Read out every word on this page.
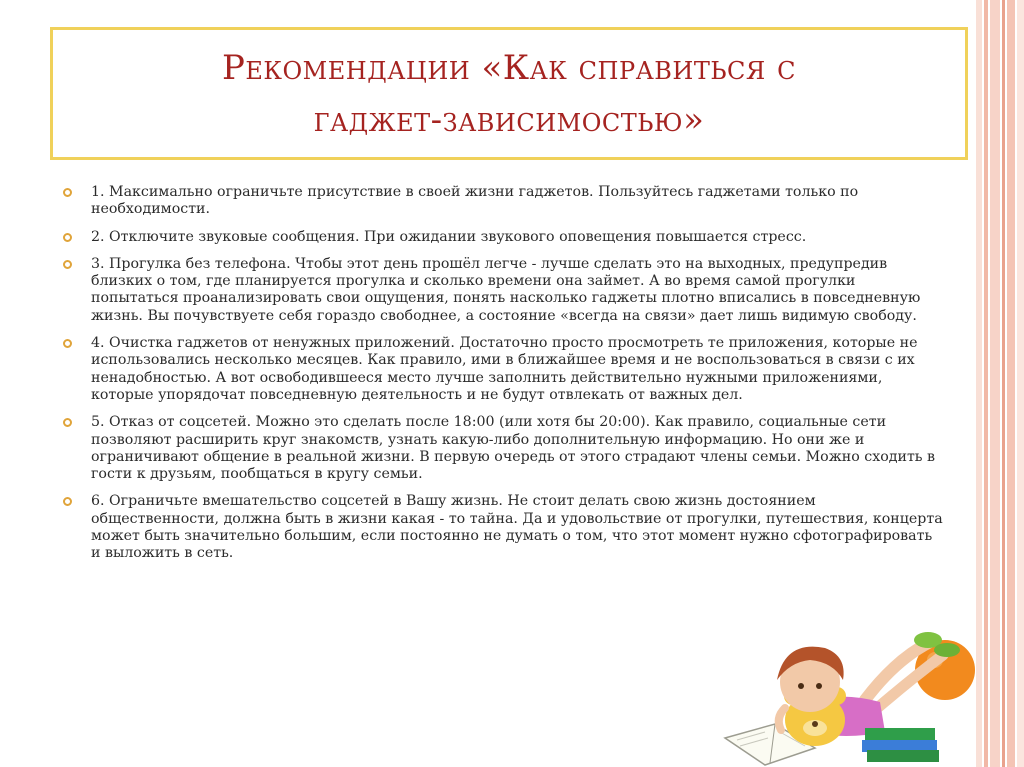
Рекомендации «Как справиться с
гаджет-зависимостью»
1. Максимально ограничьте присутствие в своей жизни гаджетов. Пользуйтесь гаджетами только по необходимости.
2. Отключите звуковые сообщения. При ожидании звукового оповещения повышается стресс.
3. Прогулка без телефона. Чтобы этот день прошёл легче - лучше сделать это на выходных, предупредив близких о том, где планируется прогулка и сколько времени она займет. А во время самой прогулки попытаться проанализировать свои ощущения, понять насколько гаджеты плотно вписались в повседневную жизнь. Вы почувствуете себя гораздо свободнее, а состояние «всегда на связи» дает лишь видимую свободу.
4. Очистка гаджетов от ненужных приложений. Достаточно просто просмотреть те приложения, которые не использовались несколько месяцев. Как правило, ими в ближайшее время и не воспользоваться в связи с их ненадобностью. А вот освободившееся место лучше заполнить действительно нужными приложениями, которые упорядочат повседневную деятельность и не будут отвлекать от важных дел.
5. Отказ от соцсетей. Можно это сделать после 18:00 (или хотя бы 20:00). Как правило, социальные сети позволяют расширить круг знакомств, узнать какую-либо дополнительную информацию. Но они же и ограничивают общение в реальной жизни. В первую очередь от этого страдают члены семьи. Можно сходить в гости к друзьям, пообщаться в кругу семьи.
6. Ограничьте вмешательство соцсетей в Вашу жизнь. Не стоит делать свою жизнь достоянием общественности, должна быть в жизни какая - то тайна. Да и удовольствие от прогулки, путешествия, концерта может быть значительно большим, если постоянно не думать о том, что этот момент нужно сфотографировать и выложить в сеть.
